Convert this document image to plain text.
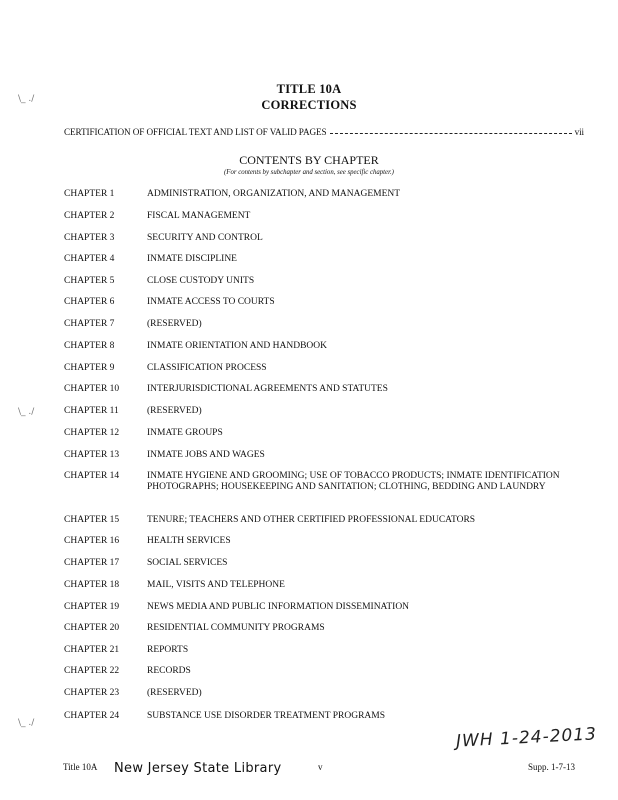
\_ ./
\_ ./
\_ ./
TITLE 10A
CORRECTIONS
CERTIFICATION OF OFFICIAL TEXT AND LIST OF VALID PAGES	vii
CONTENTS BY CHAPTER
(For contents by subchapter and section, see specific chapter.)
CHAPTER 1	ADMINISTRATION, ORGANIZATION, AND MANAGEMENT
CHAPTER 2	FISCAL MANAGEMENT
CHAPTER 3	SECURITY AND CONTROL
CHAPTER 4	INMATE DISCIPLINE
CHAPTER 5	CLOSE CUSTODY UNITS
CHAPTER 6	INMATE ACCESS TO COURTS
CHAPTER 7	(RESERVED)
CHAPTER 8	INMATE ORIENTATION AND HANDBOOK
CHAPTER 9	CLASSIFICATION PROCESS
CHAPTER 10	INTERJURISDICTIONAL AGREEMENTS AND STATUTES
CHAPTER 11	(RESERVED)
CHAPTER 12	INMATE GROUPS
CHAPTER 13	INMATE JOBS AND WAGES
CHAPTER 14	INMATE HYGIENE AND GROOMING; USE OF TOBACCO PRODUCTS; INMATE IDENTIFICATION PHOTOGRAPHS; HOUSEKEEPING AND SANITATION; CLOTHING, BEDDING AND LAUNDRY
CHAPTER 15	TENURE; TEACHERS AND OTHER CERTIFIED PROFESSIONAL EDUCATORS
CHAPTER 16	HEALTH SERVICES
CHAPTER 17	SOCIAL SERVICES
CHAPTER 18	MAIL, VISITS AND TELEPHONE
CHAPTER 19	NEWS MEDIA AND PUBLIC INFORMATION DISSEMINATION
CHAPTER 20	RESIDENTIAL COMMUNITY PROGRAMS
CHAPTER 21	REPORTS
CHAPTER 22	RECORDS
CHAPTER 23	(RESERVED)
CHAPTER 24	SUBSTANCE USE DISORDER TREATMENT PROGRAMS
JWH 1-24-2013
Title 10A New Jersey State Library	v	Supp. 1-7-13
